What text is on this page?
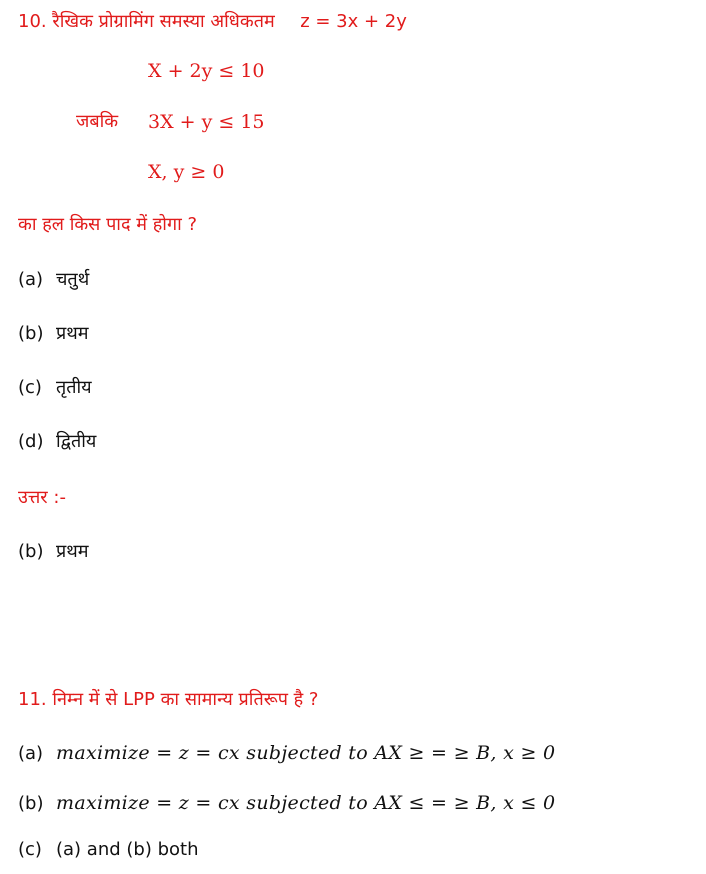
10. रैखिक प्रोग्रामिंग समस्या अधिकतम z = 3x + 2y
X + 2y ≤ 10
जबकि 3X + y ≤ 15
X, y ≥ 0
का हल किस पाद में होगा ?
(a) चतुर्थ
(b) प्रथम
(c) तृतीय
(d) द्वितीय
उत्तर :-
(b) प्रथम
11. निम्न में से LPP का सामान्य प्रतिरूप है ?
(a) maximize = z = cx subjected to AX ≥ = ≥ B, x ≥ 0
(b) maximize = z = cx subjected to AX ≤ = ≥ B, x ≤ 0
(c) (a) and (b) both
